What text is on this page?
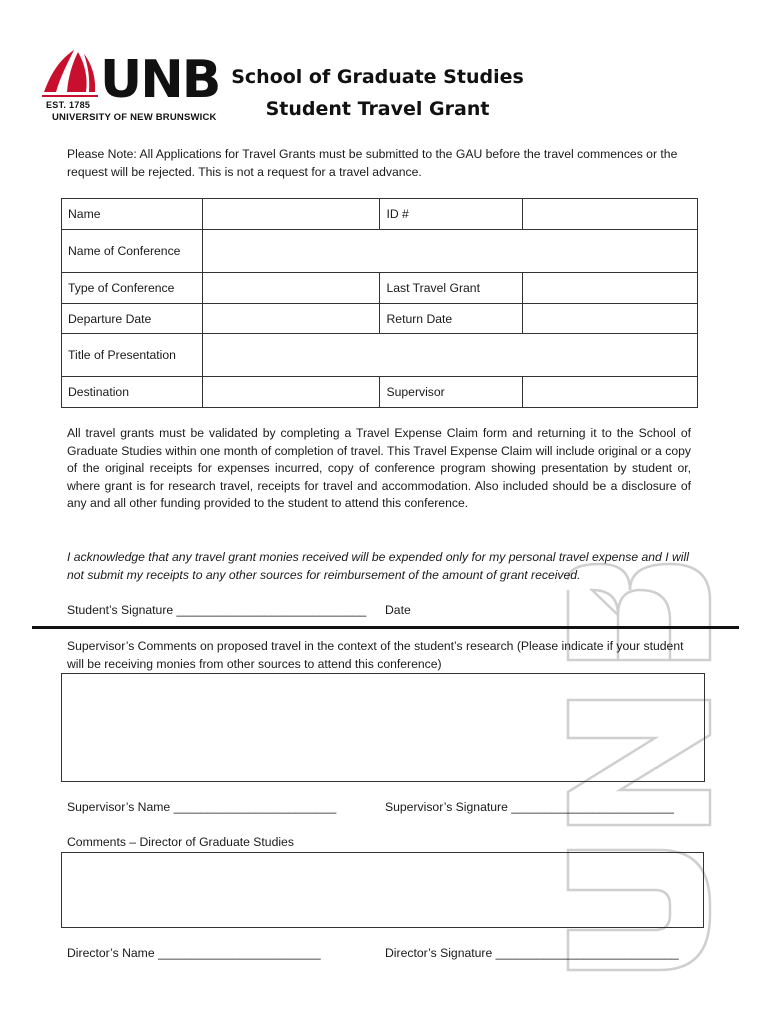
UNB
EST. 1785
UNIVERSITY OF NEW BRUNSWICK
School of Graduate Studies
Student Travel Grant
Please Note: All Applications for Travel Grants must be submitted to the GAU before the travel commences or the request will be rejected. This is not a request for a travel advance.
Name		ID #	
Name of Conference			
Type of Conference		Last Travel Grant	
Departure Date		Return Date	
Title of Presentation			
Destination		Supervisor	
All travel grants must be validated by completing a Travel Expense Claim form and returning it to the School of Graduate Studies within one month of completion of travel. This Travel Expense Claim will include original or a copy of the original receipts for expenses incurred, copy of conference program showing presentation by student or, where grant is for research travel, receipts for travel and accommodation. Also included should be a disclosure of any and all other funding provided to the student to attend this conference.
I acknowledge that any travel grant monies received will be expended only for my personal travel expense and I will not submit my receipts to any other sources for reimbursement of the amount of grant received.
Student’s Signature ____________________________ Date
Supervisor’s Comments on proposed travel in the context of the student’s research (Please indicate if your student will be receiving monies from other sources to attend this conference)
Supervisor’s Name ________________________	Supervisor’s Signature ________________________
Comments – Director of Graduate Studies
Director’s Name ________________________	Director’s Signature ___________________________
